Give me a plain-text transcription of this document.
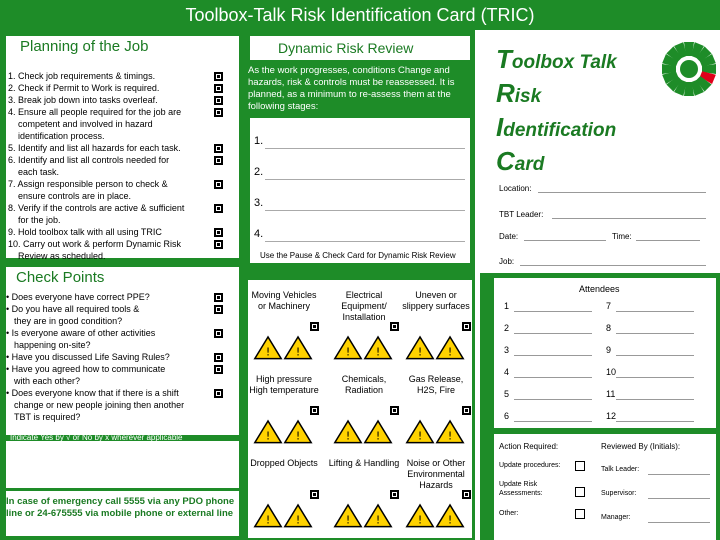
Toolbox-Talk Risk Identification Card (TRIC)
Planning of the Job
1. Check job requirements & timings.
2. Check if Permit to Work is required.
3. Break job down into tasks overleaf.
4. Ensure all people required for the job are
competent and involved in hazard
identification process.
5. Identify and list all hazards for each task.
6. Identify and list all controls needed for
each task.
7. Assign responsible person to check &
ensure controls are in place.
8. Verify if the controls are active & sufficient
for the job.
9. Hold toolbox talk with all using TRIC
10. Carry out work & perform Dynamic Risk
Review as scheduled.
Check Points
• Does everyone have correct PPE?
• Do you have all required tools &
they are in good condition?
• Is everyone aware of other activities
happening on-site?
• Have you discussed Life Saving Rules?
• Have you agreed how to communicate
with each other?
• Does everyone know that if there is a shift
change or new people joining then another
TBT is required?
Indicate Yes by √ or No by x wherever applicable
If the answer to any of these questions is NO , then the safety of you and your team is at risk. Pause and check again.
In case of emergency call 5555 via any PDO phone line or 24-675555 via mobile phone or external line
Dynamic Risk Review
As the work progresses, conditions Change and hazards, risk & controls must be reassessed. It is planned, as a minimum to re-assess them at the following stages:
1.
2.
3.
4.
Use the Pause & Check Card for Dynamic Risk Review
Moving Vehicles or Machinery
! !
Electrical Equipment/ Installation
! !
Uneven or slippery surfaces
! !
High pressure High temperature
! !
Chemicals, Radiation
! !
Gas Release, H2S, Fire
! !
Dropped Objects
! !
Lifting & Handling
! !
Noise or Other Environmental Hazards
! !
Toolbox Talk
Risk
Identification
Card
Location:
TBT Leader:
Date:	Time:
Job:
Attendees
1	7
2	8
3	9
4	10
5	11
6	12
Action Required:	Reviewed By (Initials):
Update procedures:
Update Risk
Assessments:
Other:
Talk Leader:
Supervisor:
Manager:
